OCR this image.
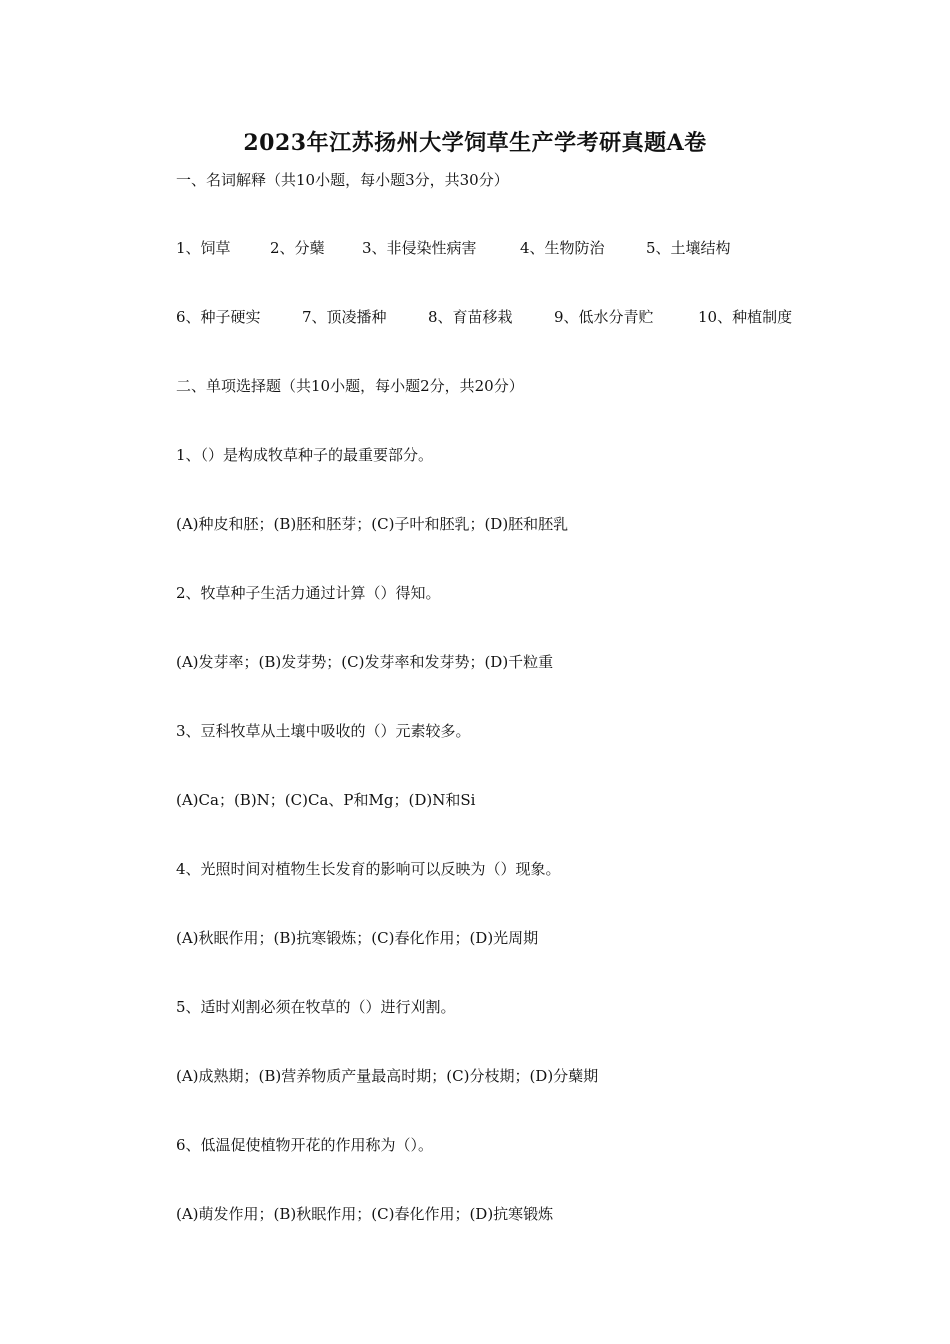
2023年江苏扬州大学饲草生产学考研真题A卷
一、名词解释（共10小题，每小题3分，共30分）
1、饲草	2、分蘖 3、非侵染性病害	4、生物防治	5、土壤结构
6、种子硬实	7、顶凌播种	8、育苗移栽	9、低水分青贮	10、种植制度
二、单项选择题（共10小题，每小题2分，共20分）
1、（）是构成牧草种子的最重要部分。
(A)种皮和胚；(B)胚和胚芽；(C)子叶和胚乳；(D)胚和胚乳
2、牧草种子生活力通过计算（）得知。
(A)发芽率；(B)发芽势；(C)发芽率和发芽势；(D)千粒重
3、豆科牧草从土壤中吸收的（）元素较多。
(A)Ca；(B)N；(C)Ca、P和Mg；(D)N和Si
4、光照时间对植物生长发育的影响可以反映为（）现象。
(A)秋眠作用；(B)抗寒锻炼；(C)春化作用；(D)光周期
5、适时刈割必须在牧草的（）进行刈割。
(A)成熟期；(B)营养物质产量最高时期；(C)分枝期；(D)分蘖期
6、低温促使植物开花的作用称为（）。
(A)萌发作用；(B)秋眠作用；(C)春化作用；(D)抗寒锻炼
